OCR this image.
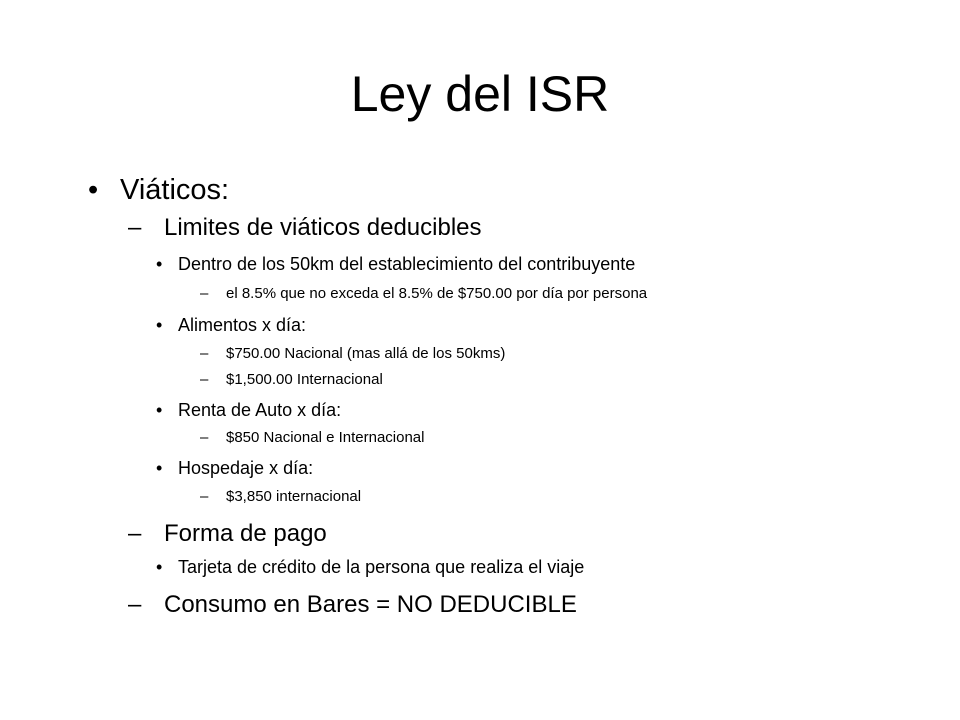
Ley del ISR
• Viáticos:
– Limites de viáticos deducibles
• Dentro de los 50km del establecimiento del contribuyente
– el 8.5% que no exceda el 8.5% de $750.00 por día por persona
• Alimentos x día:
– $750.00 Nacional (mas allá de los 50kms)
– $1,500.00 Internacional
• Renta de Auto x día:
– $850 Nacional e Internacional
• Hospedaje x día:
– $3,850 internacional
– Forma de pago
• Tarjeta de crédito de la persona que realiza el viaje
– Consumo en Bares = NO DEDUCIBLE
